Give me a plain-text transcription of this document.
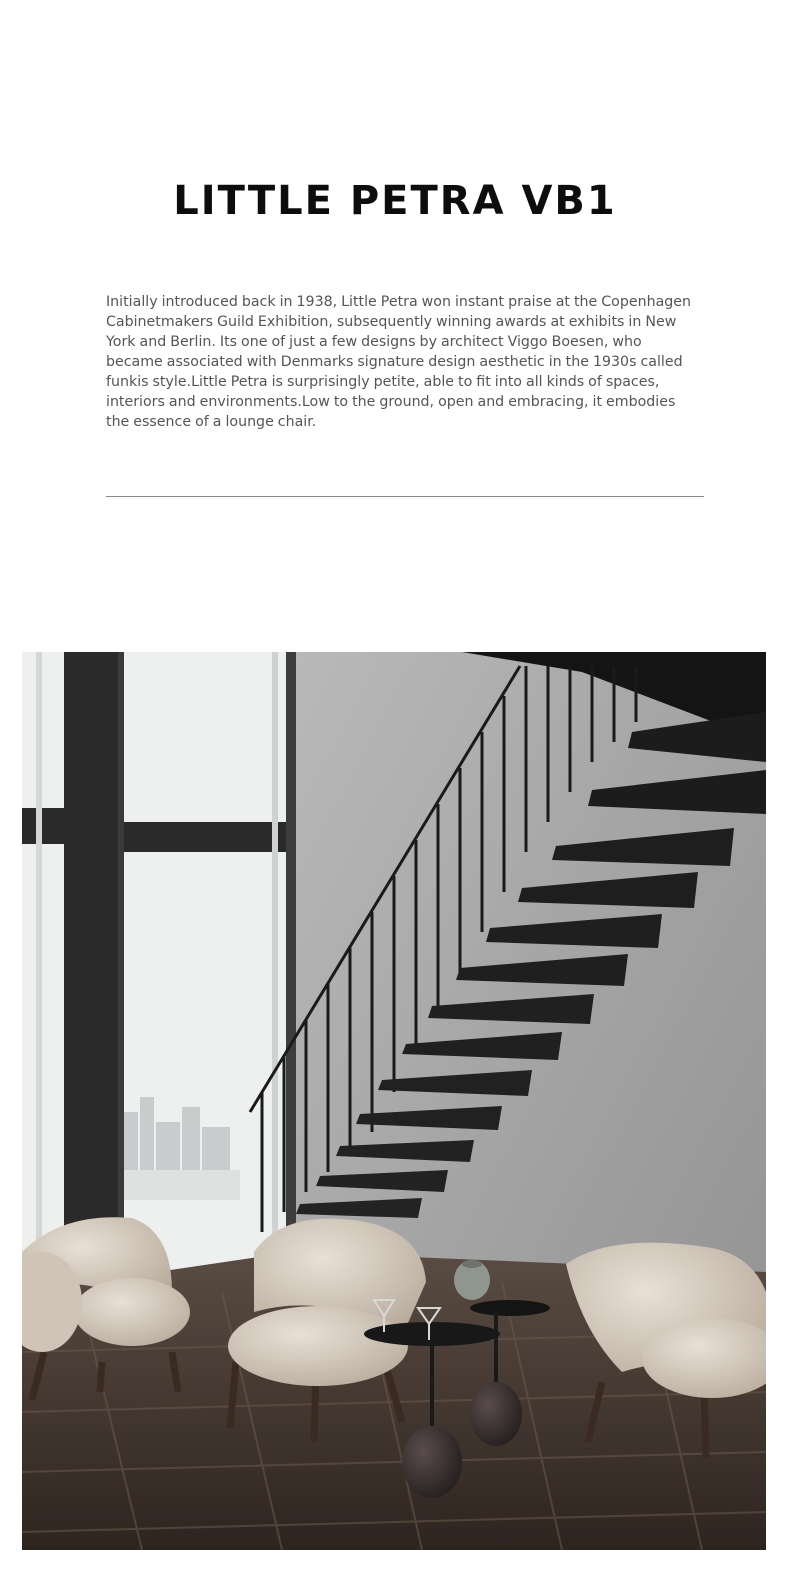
LITTLE PETRA VB1

Initially introduced back in 1938, Little Petra won instant praise at the Copenhagen Cabinetmakers Guild Exhibition, subsequently winning awards at exhibits in New York and Berlin. Its one of just a few designs by architect Viggo Boesen, who became associated with Denmarks signature design aesthetic in the 1930s called funkis style.Little Petra is surprisingly petite, able to fit into all kinds of spaces, interiors and environments.Low to the ground, open and embracing, it embodies the essence of a lounge chair.
